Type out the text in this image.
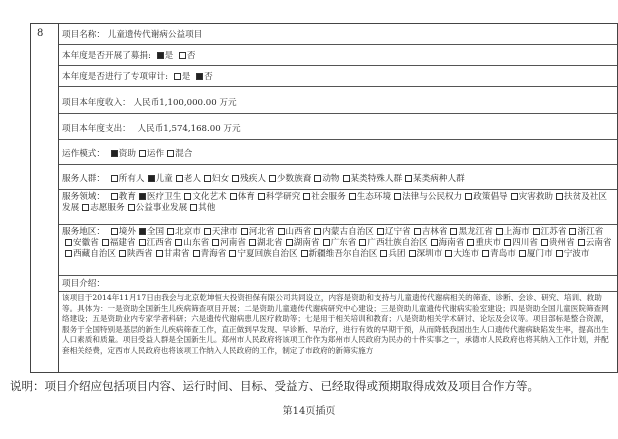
8	项目名称： 儿童遗传代谢病公益项目
本年度是否开展了募捐: 是 否
本年度是否进行了专项审计: 是 否
项目本年度收入： 人民币1,100,000.00 万元
项目本年度支出： 人民币1,574,168.00 万元
运作模式： 资助 运作 混合
服务人群： 所有人 儿童 老人 妇女 残疾人 少数族裔 动物 某类特殊人群 某类病种人群
服务领域： 教育 医疗卫生 文化艺术 体育 科学研究 社会服务 生态环境 法律与公民权力 政策倡导 灾害救助 扶贫及社区发展 志愿服务 公益事业发展 其他
服务地区： 境外 全国 北京市 天津市 河北省 山西省 内蒙古自治区 辽宁省 吉林省 黑龙江省 上海市 江苏省 浙江省安徽省 福建省 江西省 山东省 河南省 湖北省 湖南省 广东省 广西壮族自治区 海南省 重庆市 四川省 贵州省 云南省西藏自治区 陕西省 甘肃省 青海省 宁夏回族自治区 新疆维吾尔自治区 兵团 深圳市 大连市 青岛市 厦门市 宁波市
项目介绍：
该项目于2014年11月17日由我会与北京乾坤恒大投资担保有限公司共同设立，内容是资助和支持与儿童遗传代谢病相关的筛查、诊断、会诊、研究、培训、救助等。具体为：一是资助全国新生儿疾病筛查项目开展；二是资助儿童遗传代谢病研究中心建设；三是资助儿童遗传代谢病实验室建设；四是资助全国儿童医院筛查网络建设；五是资助业内专家学者科研；六是遗传代谢病患儿医疗救助等；七是用于相关培训和教育；八是资助相关学术研讨、论坛及会议等。项目部标是整合资源，服务于全国特别是基层的新生儿疾病筛查工作，直正做到早发现、早诊断、早治疗，进行有效的早期干预，从而降低我国出生人口遗传代谢病缺陷发生率，提高出生人口素质和质量。项目受益人群是全国新生儿。郑州市人民政府将该项工作作为郑州市人民政府为民办的十件实事之一，承德市人民政府也将其纳入工作计划，并配套相关经费，定西市人民政府也将该项工作纳入人民政府的工作，制定了市政府的新筛实施方
说明：项目介绍应包括项目内容、运行时间、目标、受益方、已经取得或预期取得成效及项目合作方等。
第14页插页
